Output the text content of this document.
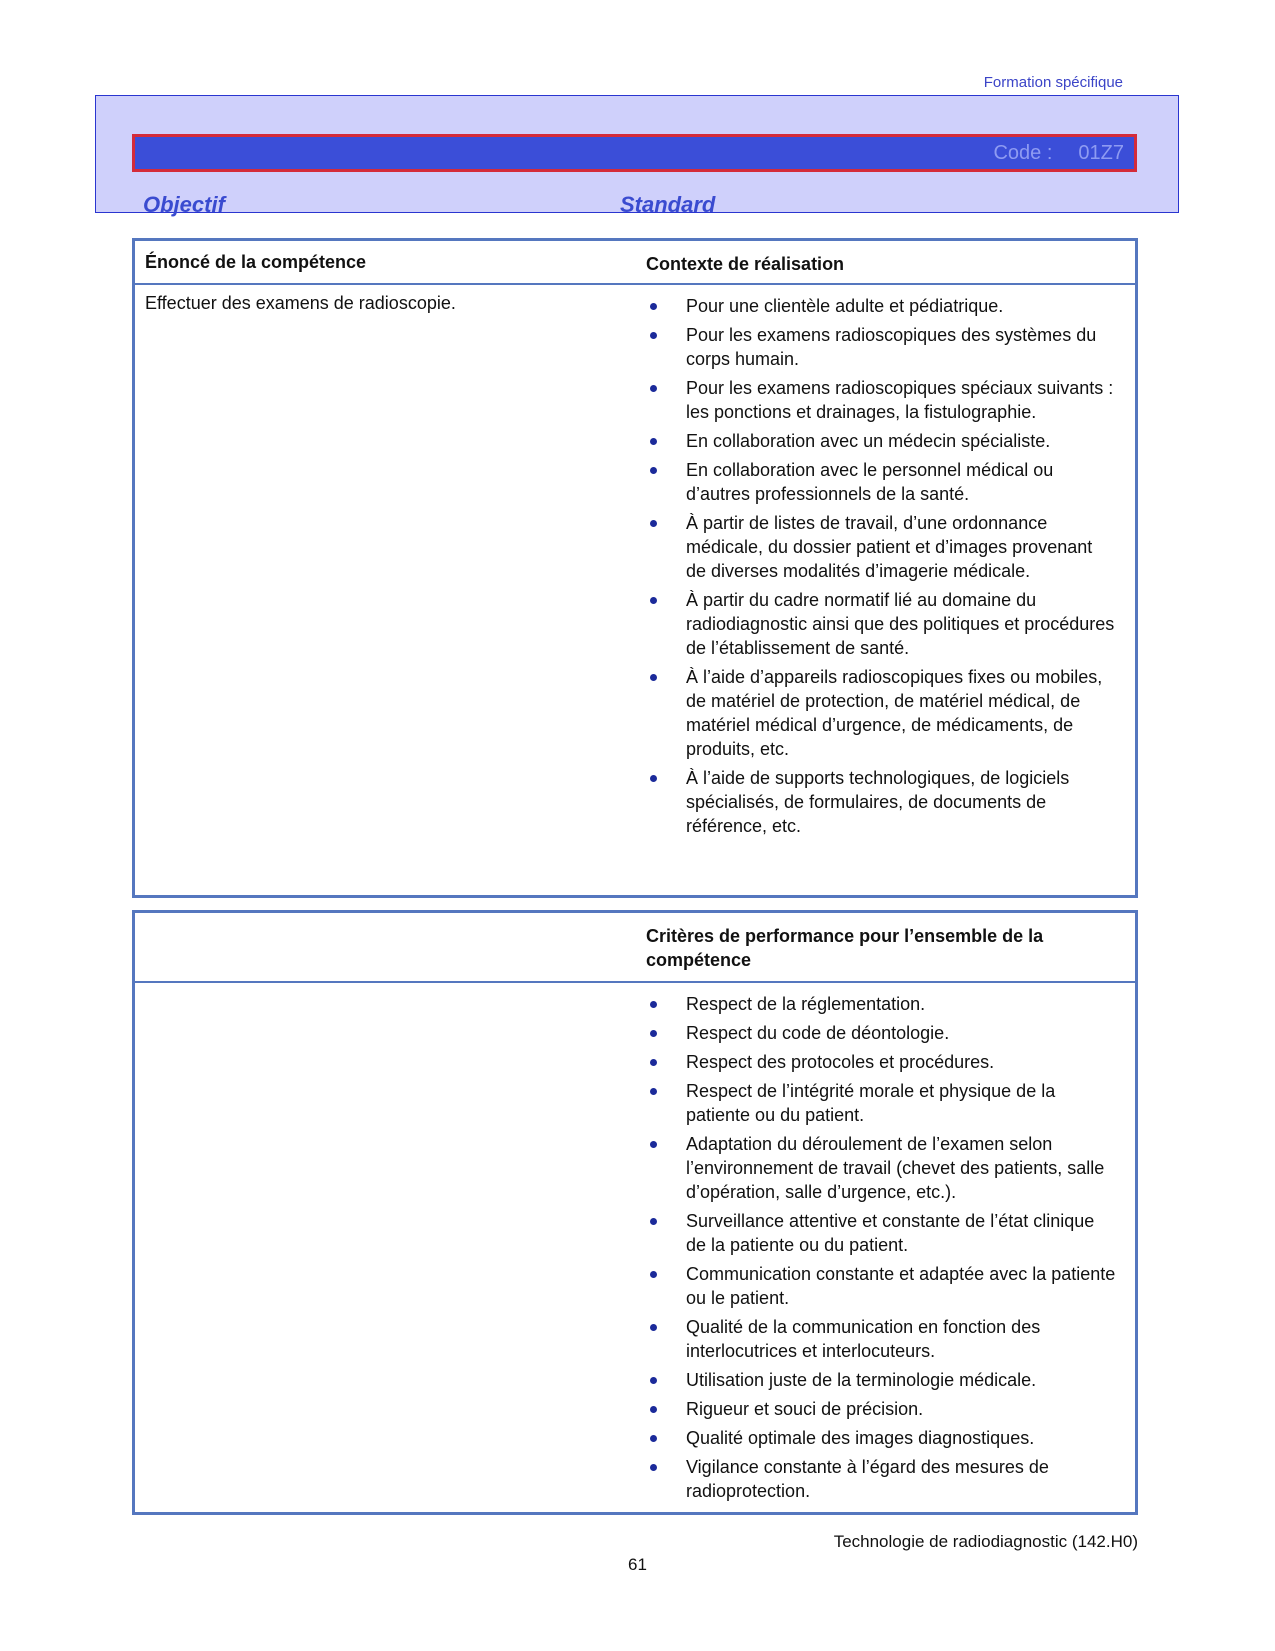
Formation spécifique
Code : 01Z7
Objectif	Standard
Énoncé de la compétence	Contexte de réalisation
Effectuer des examens de radioscopie.	Pour une clientèle adulte et pédiatrique.
Pour les examens radioscopiques des systèmes du corps humain.
Pour les examens radioscopiques spéciaux suivants : les ponctions et drainages, la fistulographie.
En collaboration avec un médecin spécialiste.
En collaboration avec le personnel médical ou d’autres professionnels de la santé.
À partir de listes de travail, d’une ordonnance médicale, du dossier patient et d’images provenant de diverses modalités d’imagerie médicale.
À partir du cadre normatif lié au domaine du radiodiagnostic ainsi que des politiques et procédures de l’établissement de santé.
À l’aide d’appareils radioscopiques fixes ou mobiles, de matériel de protection, de matériel médical, de matériel médical d’urgence, de médicaments, de produits, etc.
À l’aide de supports technologiques, de logiciels spécialisés, de formulaires, de documents de référence, etc.
Critères de performance pour l’ensemble de la compétence
Respect de la réglementation.
Respect du code de déontologie.
Respect des protocoles et procédures.
Respect de l’intégrité morale et physique de la patiente ou du patient.
Adaptation du déroulement de l’examen selon l’environnement de travail (chevet des patients, salle d’opération, salle d’urgence, etc.).
Surveillance attentive et constante de l’état clinique de la patiente ou du patient.
Communication constante et adaptée avec la patiente ou le patient.
Qualité de la communication en fonction des interlocutrices et interlocuteurs.
Utilisation juste de la terminologie médicale.
Rigueur et souci de précision.
Qualité optimale des images diagnostiques.
Vigilance constante à l’égard des mesures de radioprotection.
Technologie de radiodiagnostic (142.H0)
61
